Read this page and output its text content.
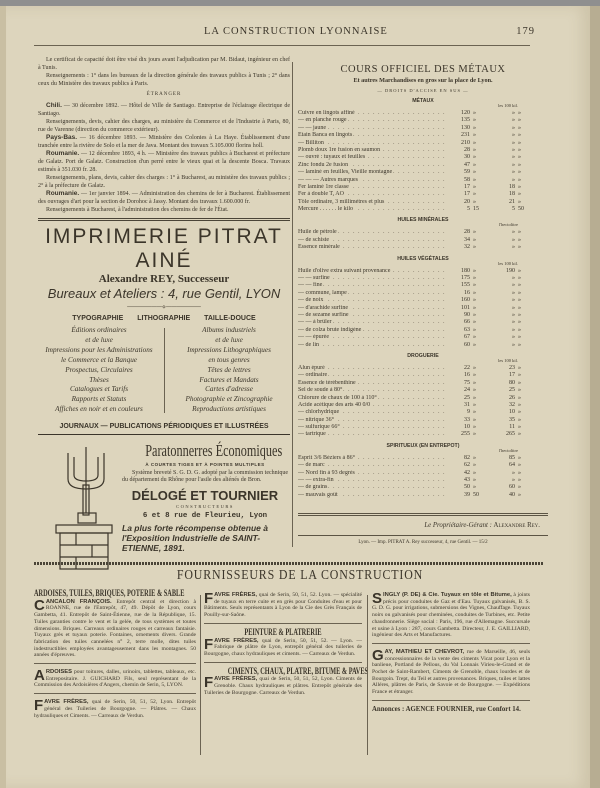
LA CONSTRUCTION LYONNAISE	179

Le certificat de capacité doit être visé dix jours avant l'adjudication par M. Bidaut, ingénieur en chef à Tunis.

Renseignements : 1° dans les bureaux de la direction générale des travaux publics à Tunis ; 2° dans ceux du Ministère des travaux publics à Paris.

ÉTRANGER

Chili. — 30 décembre 1892. — Hôtel de Ville de Santiago. Entreprise de l'éclairage électrique de Santiago.

Renseignements, devis, cahier des charges, au ministère du Commerce et de l'Industrie à Paris, 80, rue de Varenne (direction du commerce extérieur).

Pays-Bas. — 16 décembre 1893. — Ministère des Colonies à La Haye. Établissement d'une tranchée entre la rivière de Solo et la mer de Java. Montant des travaux 5.105.000 florins holl.

Roumanie. — 12 décembre 1893, 4 h. — Ministère des travaux publics à Bucharest et préfecture de Galatz. Port de Galatz. Construction d'un perré entre le vieux quai et la descente Bosca. Travaux estimés à 351.030 fr. 28.

Renseignements, plans, devis, cahier des charges : 1° à Bucharest, au ministère des travaux publics ; 2° à la préfecture de Galatz.

Roumanie. — 1er janvier 1894. — Administration des chemins de fer à Bucharest. Établissement des ouvrages d'art pour la section de Dorohoc à Jassy. Montant des travaux 1.600.000 fr.

Renseignements à Bucharest, à l'administration des chemins de fer de l'État.

IMPRIMERIE PITRAT AINÉ
Alexandre REY, Successeur
Bureaux et Ateliers : 4, rue Gentil, LYON
───────⋄───────
TYPOGRAPHIE LITHOGRAPHIE TAILLE-DOUCE
Éditions ordinaires
et de luxe
Impressions pour les Administrations
le Commerce et la Banque
Prospectus, Circulaires
Thèses
Catalogues et Tarifs
Rapports et Statuts
Affiches en noir et en couleurs
Albums industriels
et de luxe
Impressions Lithographiques
en tous genres
Têtes de lettres
Factures et Mandats
Cartes d'adresse
Photographie et Zincographie
Reproductions artistiques
JOURNAUX — PUBLICATIONS PÉRIODIQUES ET ILLUSTRÉES
Paratonnerres Économiques
À COURTES TIGES ET À POINTES MULTIPLES
Système breveté S. G. D. G. adopté par la commission technique du département du Rhône pour l'asile des aliénés de Bron.
DÉLOGÉ ET TOURNIER
CONSTRUCTEURS
6 et 8 rue de Fleurieu, Lyon
La plus forte récompense obtenue à l'Exposition Industrielle de SAINT-ETIENNE, 1891.
COURS OFFICIEL DES MÉTAUX
Et autres Marchandises en gros sur la place de Lyon.
— DROITS D'ACCISE EN SUS —
MÉTAUX
les 100 kil.
Cuivre en lingots affiné . . .	120 »	» »
— en planche rouge . . .	135 »	» »
— — jaune . . .	130 »	» »
Étain Banca en lingots . . .	231 »	» »
— Billiton . . .	210 »	» »
Plomb doux 1re fusion en saumon . . .	28 »	» »
— ouvré : tuyaux et feuilles . . .	30 »	» »
Zinc fondu 2e fusion . . .	47 »	» »
— laminé en feuilles, Vieille montagne . . .	59 »	» »
— — — Autres marques . . .	58 »	» »
Fer laminé 1re classe . . .	17 »	18 »
Fer à double T, AO . . .	17 »	18 »
Tôle ordinaire, 3 millimètres et plus . . .	20 »	21 »
Mercure . . . . . . le kilo . . .	5 15	5 50
HUILES MINÉRALES
l'hectolitre
Huile de pétrole . . .	28 »	» »
— de schiste . . .	34 »	» »
Essence minérale . . .	32 »	» »
HUILES VÉGÉTALES
les 100 kil.
Huile d'olive extra suivant provenance . . .	180 »	190 »
— — surfine . . .	175 »	» »
— — fine . . .	155 »	» »
— commune, lampe . . .	16 »	» »
— de noix . . .	160 »	» »
— d'arachide surfine . . .	101 »	» »
— de sezame surfine . . .	90 »	» »
— — à brûler . . .	66 »	» »
— de colza brute indigène . . .	63 »	» »
— — épurée . . .	67 »	» »
— de lin . . .	60 »	» »
DROGUERIE
les 100 kil.
Alun épuré . . .	22 »	23 »
— ordinaire . . .	16 »	17 »
Essence de térébenthine . . .	75 »	80 »
Sel de soude à 80° . . .	24 »	25 »
Chlorure de chaux de 100 à 110° . . .	25 »	26 »
Acide acétique des arts 40 0/0 . . .	31 »	32 »
— chlorhydrique . . .	9 »	10 »
— nitrique 36° . . .	33 »	35 »
— sulfurique 66° . . .	10 »	11 »
— tartrique . . .	255 »	265 »
SPIRITUEUX (EN ENTREPOT)
l'hectolitre
Esprit 3/6 Béziers à 86° . . .	82 »	85 »
— de marc . . .	62 »	64 »
— Nord fin à 93 degrés . . .	42 »	» »
— — extra-fin . . .	43 »	» »
— de grains . . .	50 »	60 »
— mauvais goût . . .	39 50	40 »
Le Propriétaire-Gérant : Alexandre Rey.
Lyon. — Imp. PITRAT A. Rey successeur, 4, rue Gentil. — 15/2
FOURNISSEURS DE LA CONSTRUCTION
ARDOISES, TUILES, BRIQUES, POTERIE & SABLE
CANCALON FRANÇOIS. Entrepôt central et direction à ROANNE, rue de l'Entrepôt, 47, 49. Dépôt de Lyon, cours Gambetta, 41. Entrepôt de Saint-Étienne, rue de la République, 15. Tuiles garanties contre le vent et la gelée, de tous systèmes et toutes dimensions. Briques. Carreaux ordinaires rouges et carreaux fantaisie. Tuyaux grès et tuyaux poterie. Fontaines, ornements divers. Grande fabrication des tuiles cannelées n° 2, terre molle, dites tuiles indestructibles employées avantageusement dans les montagnes. 50 années d'épreuves.
ARDOISES pour toitures, dalles, urinoirs, tablettes, tableaux, etc. Entrepositaire. J. GUICHARD Fils, seul représentant de la Commission des Ardoisières d'Angers, chemin de Serin, 5, LYON.
FAVRE FRÈRES, quai de Serin, 50, 51, 52, Lyon. Entrepôt général des Tuileries de Bourgogne. — Plâtres. — Chaux hydrauliques et Ciments. — Carreaux de Verdun.
FAVRE FRÈRES, quai de Serin, 50, 51, 52. Lyon. — spécialité de tuyaux en terre cuite et en grès pour Conduites d'eau et pour Bâtiments. Seuls représentants à Lyon de la Cie des Grès Français de Pouilly-sur-Saône.
PEINTURE & PLATRERIE
FAVRE FRÈRES, quai de Serin, 50, 51, 52. — Lyon. — Fabrique de plâtre de Lyon, entrepôt général des tuileries de Bourgogne, chaux hydrauliques et ciments. — Carreaux de Verdun.
CIMENTS, CHAUX, PLATRE, BITUME & PAVES
FAVRE FRÈRES, quai de Serin, 50, 51, 52, Lyon. Ciments de Grenoble. Chaux hydrauliques et plâtres. Entrepôt générale des Tuileries de Bourgogne. Carreaux de Verdun.
SINGLY (P. DE) & Cie. Tuyaux en tôle et Bitume, à joints précis pour conduites de Gaz et d'Eau. Tuyaux galvanisés, B. S. G. D. G. pour irrigations, submersions des Vignes, Chauffage. Tuyaux noirs ou galvanisés pour cheminées, conduites de Turbines, etc. Petite chaudronnerie. Siège social : Paris, 196, rue d'Allemagne. Succursale et usine à Lyon : 287, cours Gambetta. Directeur, J. E. GAILLIARD, ingénieur des Arts et Manufactures.
GAY, MATHIEU ET CHEVROT, rue de Marseille, 46, seuls concessionnaires de la vente des ciments Vicat pour Lyon et la banlieue, Portland de Pellous, du Val Lonnais Virieu-le-Grand et de Pochet de Saint-Rambert, Ciments de Grenoble, chaux lourdes et de Bourgoin. Trept, du Teil et autres provenances. Briques, tuiles et lattes Alléres, plâtres de Paris, de Savoie et de Bourgogne. — Expéditions France et étranger.
Annonces : AGENCE FOURNIER, rue Confort 14.
